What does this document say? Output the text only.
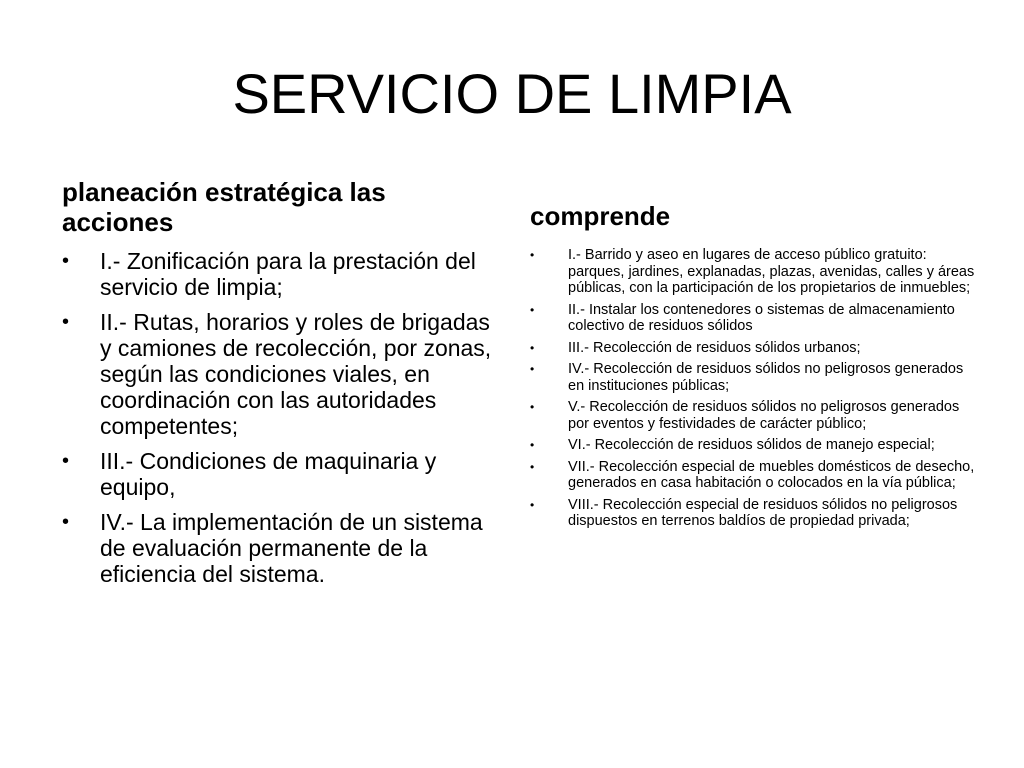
SERVICIO DE LIMPIA
planeación estratégica las acciones
• I.- Zonificación para la prestación del servicio de limpia;
• II.- Rutas, horarios y roles de brigadas y camiones de recolección, por zonas, según las condiciones viales, en coordinación con las autoridades competentes;
• III.- Condiciones de maquinaria y equipo,
• IV.- La implementación de un sistema de evaluación permanente de la eficiencia del sistema.
comprende
• I.- Barrido y aseo en lugares de acceso público gratuito: parques, jardines, explanadas, plazas, avenidas, calles y áreas públicas, con la participación de los propietarios de inmuebles;
• II.- Instalar los contenedores o sistemas de almacenamiento colectivo de residuos sólidos
• III.- Recolección de residuos sólidos urbanos;
• IV.- Recolección de residuos sólidos no peligrosos generados en instituciones públicas;
• V.- Recolección de residuos sólidos no peligrosos generados por eventos y festividades de carácter público;
• VI.- Recolección de residuos sólidos de manejo especial;
• VII.- Recolección especial de muebles domésticos de desecho, generados en casa habitación o colocados en la vía pública;
• VIII.- Recolección especial de residuos sólidos no peligrosos dispuestos en terrenos baldíos de propiedad privada;
